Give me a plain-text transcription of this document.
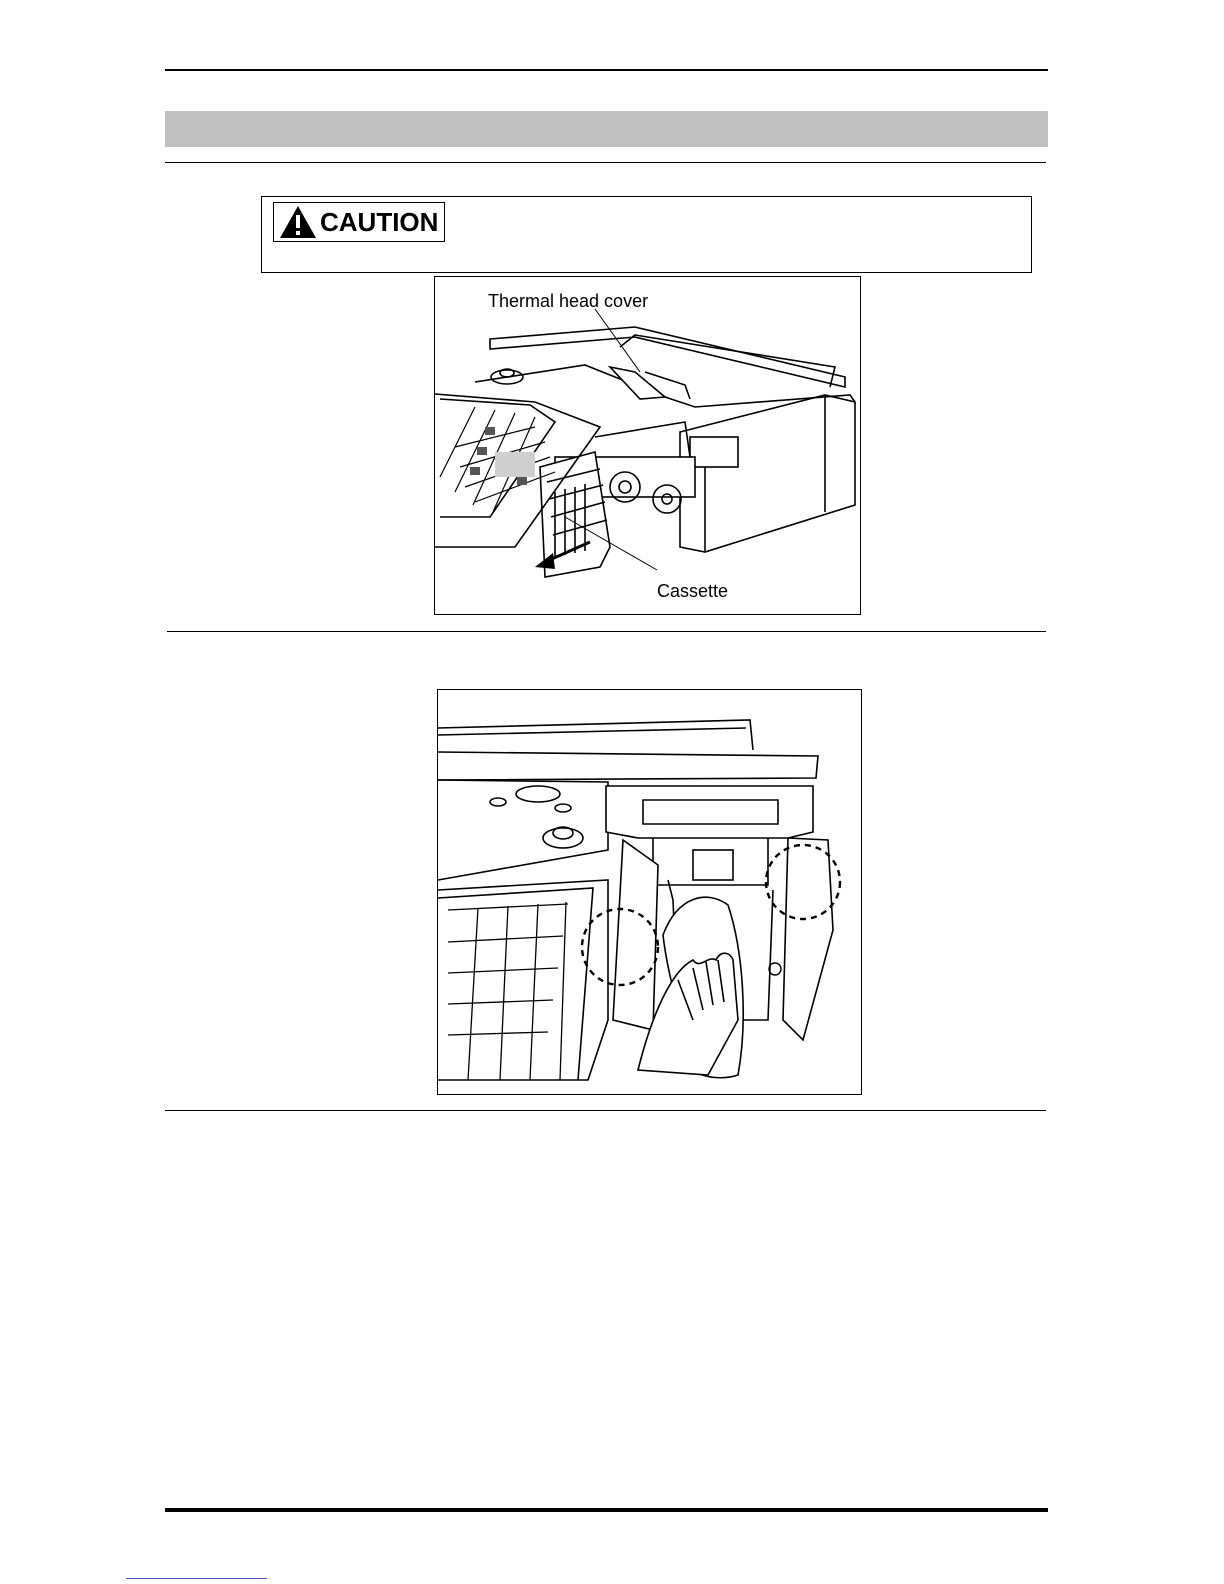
CAUTION
Thermal head cover
Cassette
